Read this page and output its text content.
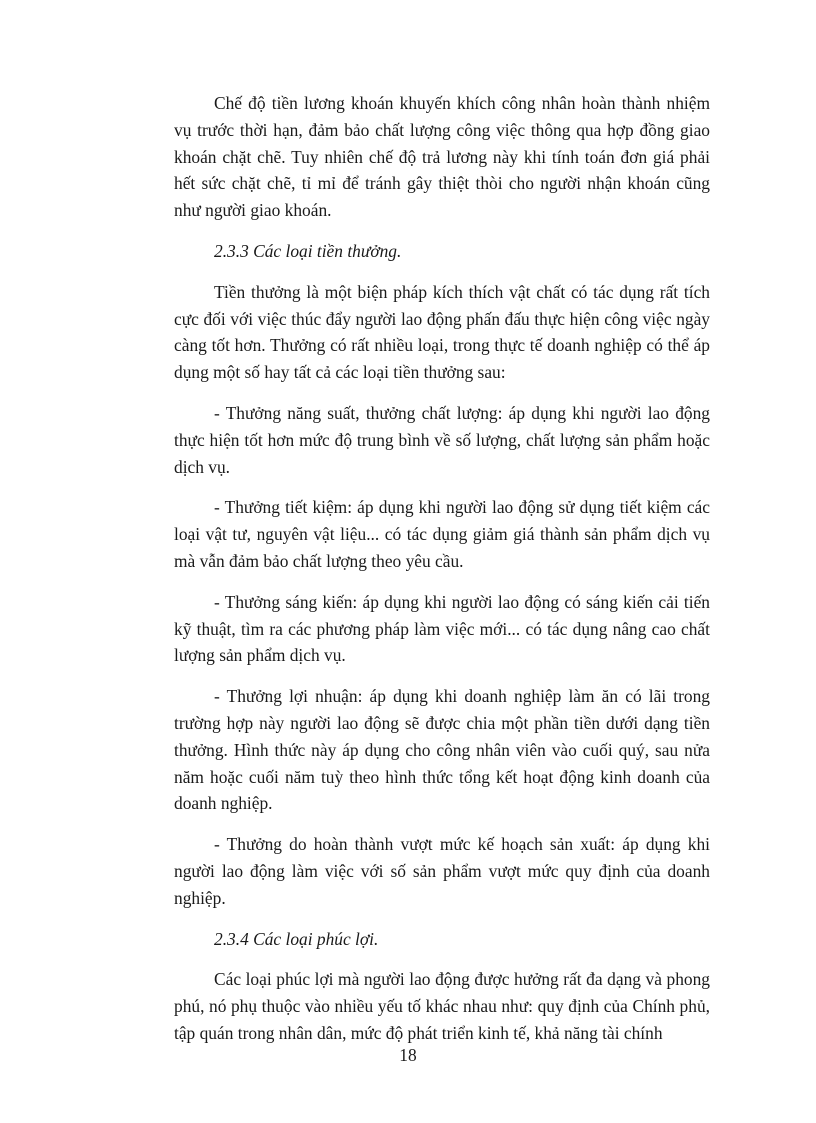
Chế độ tiền lương khoán khuyến khích công nhân hoàn thành nhiệm vụ trước thời hạn, đảm bảo chất lượng công việc thông qua hợp đồng giao khoán chặt chẽ. Tuy nhiên chế độ trả lương này khi tính toán đơn giá phải hết sức chặt chẽ, tỉ mỉ để tránh gây thiệt thòi cho người nhận khoán cũng như người giao khoán.

2.3.3 Các loại tiền thưởng.

Tiền thưởng là một biện pháp kích thích vật chất có tác dụng rất tích cực đối với việc thúc đẩy người lao động phấn đấu thực hiện công việc ngày càng tốt hơn. Thưởng có rất nhiều loại, trong thực tế doanh nghiệp có thể áp dụng một số hay tất cả các loại tiền thưởng sau:

- Thưởng năng suất, thưởng chất lượng: áp dụng khi người lao động thực hiện tốt hơn mức độ trung bình về số lượng, chất lượng sản phẩm hoặc dịch vụ.

- Thưởng tiết kiệm: áp dụng khi người lao động sử dụng tiết kiệm các loại vật tư, nguyên vật liệu... có tác dụng giảm giá thành sản phẩm dịch vụ mà vẫn đảm bảo chất lượng theo yêu cầu.

- Thưởng sáng kiến: áp dụng khi người lao động có sáng kiến cải tiến kỹ thuật, tìm ra các phương pháp làm việc mới... có tác dụng nâng cao chất lượng sản phẩm dịch vụ.

- Thưởng lợi nhuận: áp dụng khi doanh nghiệp làm ăn có lãi trong trường hợp này người lao động sẽ được chia một phần tiền dưới dạng tiền thưởng. Hình thức này áp dụng cho công nhân viên vào cuối quý, sau nửa năm hoặc cuối năm tuỳ theo hình thức tổng kết hoạt động kinh doanh của doanh nghiệp.

- Thưởng do hoàn thành vượt mức kế hoạch sản xuất: áp dụng khi người lao động làm việc với số sản phẩm vượt mức quy định của doanh nghiệp.

2.3.4 Các loại phúc lợi.

Các loại phúc lợi mà người lao động được hưởng rất đa dạng và phong phú, nó phụ thuộc vào nhiều yếu tố khác nhau như: quy định của Chính phủ, tập quán trong nhân dân, mức độ phát triển kinh tế, khả năng tài chính

18
